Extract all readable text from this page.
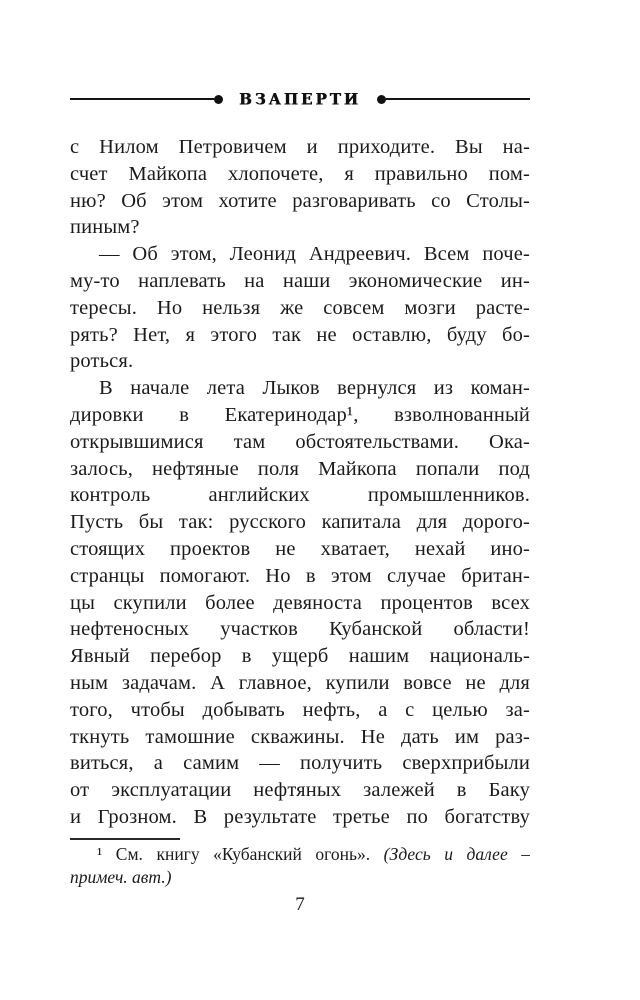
ВЗАПЕРТИ
с Нилом Петровичем и приходите. Вы на-
счет Майкопа хлопочете, я правильно пом-
ню? Об этом хотите разговаривать со Столы-
пиным?
— Об этом, Леонид Андреевич. Всем поче-
му-то наплевать на наши экономические ин-
тересы. Но нельзя же совсем мозги расте-
рять? Нет, я этого так не оставлю, буду бо-
роться.
В начале лета Лыков вернулся из коман-
дировки в Екатеринодар¹, взволнованный
открывшимися там обстоятельствами. Ока-
залось, нефтяные поля Майкопа попали под
контроль английских промышленников.
Пусть бы так: русского капитала для дорого-
стоящих проектов не хватает, нехай ино-
странцы помогают. Но в этом случае британ-
цы скупили более девяноста процентов всех
нефтеносных участков Кубанской области!
Явный перебор в ущерб нашим националь-
ным задачам. А главное, купили вовсе не для
того, чтобы добывать нефть, а с целью за-
ткнуть тамошние скважины. Не дать им раз-
виться, а самим — получить сверхприбыли
от эксплуатации нефтяных залежей в Баку
и Грозном. В результате третье по богатству
¹ См. книгу «Кубанский огонь». (Здесь и далее –
примеч. авт.)
7
